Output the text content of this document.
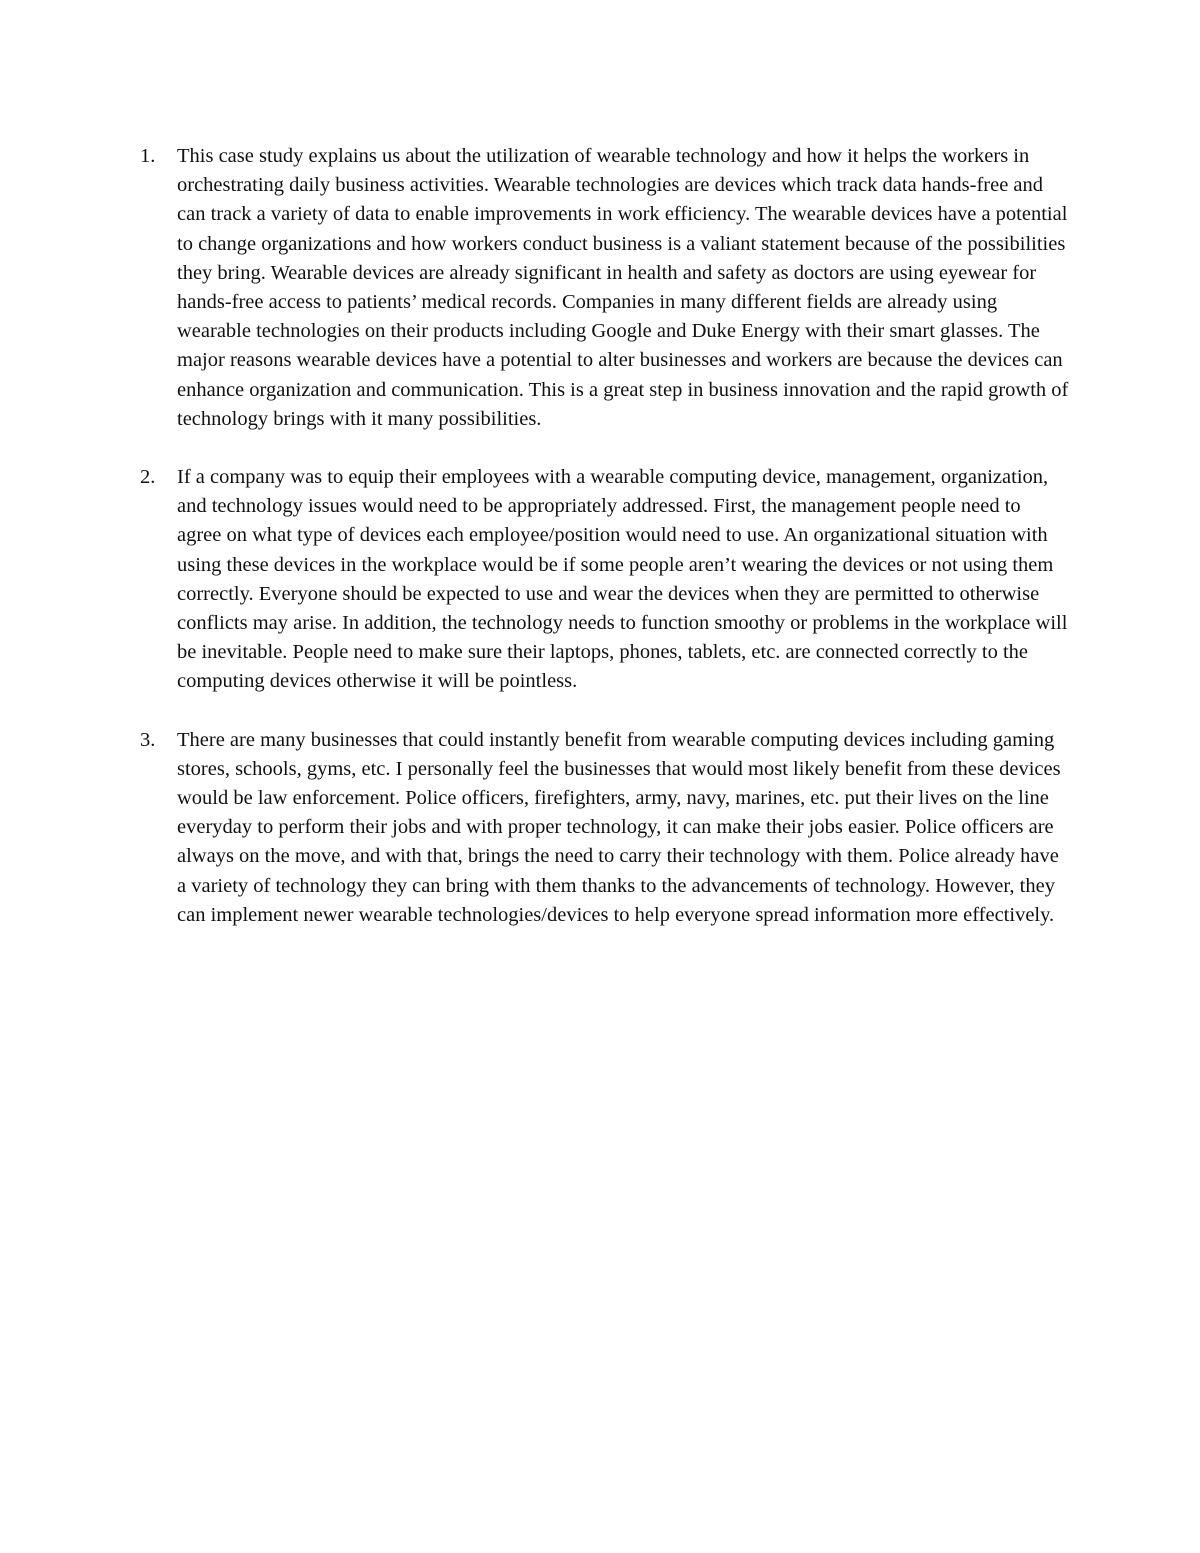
1.	This case study explains us about the utilization of wearable technology and how it helps the workers in orchestrating daily business activities. Wearable technologies are devices which track data hands-free and can track a variety of data to enable improvements in work efficiency. The wearable devices have a potential to change organizations and how workers conduct business is a valiant statement because of the possibilities they bring. Wearable devices are already significant in health and safety as doctors are using eyewear for hands-free access to patients’ medical records. Companies in many different fields are already using wearable technologies on their products including Google and Duke Energy with their smart glasses. The major reasons wearable devices have a potential to alter businesses and workers are because the devices can enhance organization and communication. This is a great step in business innovation and the rapid growth of technology brings with it many possibilities.

2.	If a company was to equip their employees with a wearable computing device, management, organization, and technology issues would need to be appropriately addressed. First, the management people need to agree on what type of devices each employee/position would need to use. An organizational situation with using these devices in the workplace would be if some people aren’t wearing the devices or not using them correctly. Everyone should be expected to use and wear the devices when they are permitted to otherwise conflicts may arise. In addition, the technology needs to function smoothy or problems in the workplace will be inevitable. People need to make sure their laptops, phones, tablets, etc. are connected correctly to the computing devices otherwise it will be pointless.

3.	There are many businesses that could instantly benefit from wearable computing devices including gaming stores, schools, gyms, etc. I personally feel the businesses that would most likely benefit from these devices would be law enforcement. Police officers, firefighters, army, navy, marines, etc. put their lives on the line everyday to perform their jobs and with proper technology, it can make their jobs easier. Police officers are always on the move, and with that, brings the need to carry their technology with them. Police already have a variety of technology they can bring with them thanks to the advancements of technology. However, they can implement newer wearable technologies/devices to help everyone spread information more effectively.
